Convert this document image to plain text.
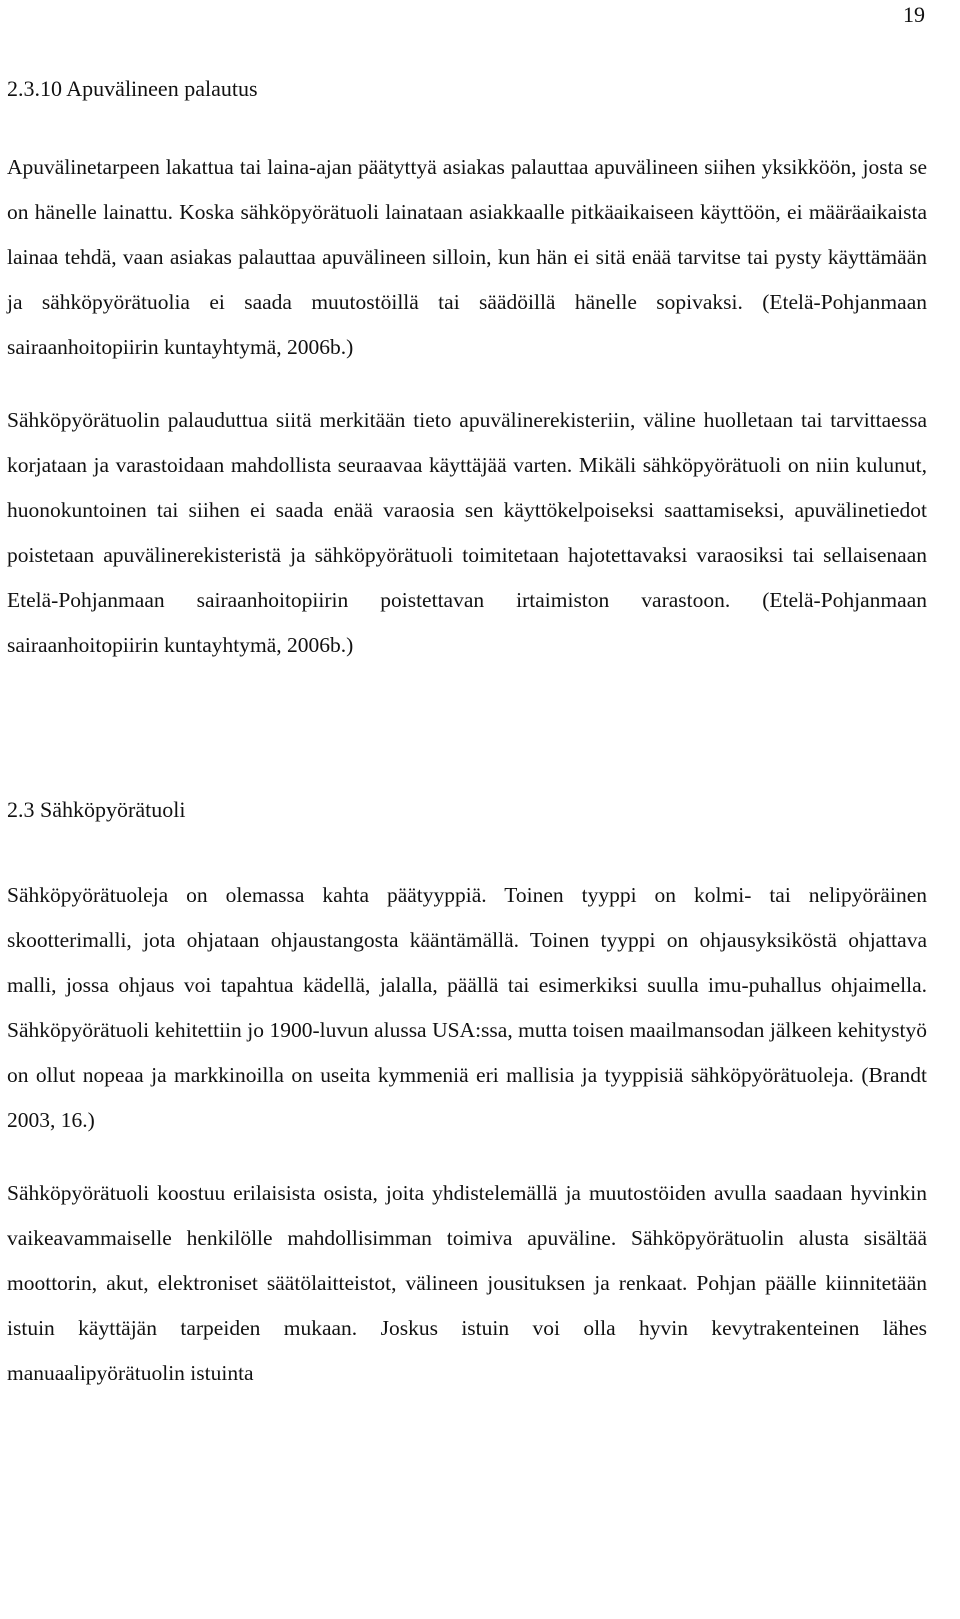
19
2.3.10 Apuvälineen palautus

Apuvälinetarpeen lakattua tai laina-ajan päätyttyä asiakas palauttaa apuvälineen siihen yksikköön, josta se on hänelle lainattu. Koska sähköpyörätuoli lainataan asiakkaalle pitkäaikaiseen käyttöön, ei määräaikaista lainaa tehdä, vaan asiakas palauttaa apuvälineen silloin, kun hän ei sitä enää tarvitse tai pysty käyttämään ja sähköpyörätuolia ei saada muutostöillä tai säädöillä hänelle sopivaksi. (Etelä-Pohjanmaan sairaanhoitopiirin kuntayhtymä, 2006b.)

Sähköpyörätuolin palauduttua siitä merkitään tieto apuvälinerekisteriin, väline huolletaan tai tarvittaessa korjataan ja varastoidaan mahdollista seuraavaa käyttäjää varten. Mikäli sähköpyörätuoli on niin kulunut, huonokuntoinen tai siihen ei saada enää varaosia sen käyttökelpoiseksi saattamiseksi, apuvälinetiedot poistetaan apuvälinerekisteristä ja sähköpyörätuoli toimitetaan hajotettavaksi varaosiksi tai sellaisenaan Etelä-Pohjanmaan sairaanhoitopiirin poistettavan irtaimiston varastoon. (Etelä-Pohjanmaan sairaanhoitopiirin kuntayhtymä, 2006b.)

2.3 Sähköpyörätuoli

Sähköpyörätuoleja on olemassa kahta päätyyppiä. Toinen tyyppi on kolmi- tai nelipyöräinen skootterimalli, jota ohjataan ohjaustangosta kääntämällä. Toinen tyyppi on ohjausyksiköstä ohjattava malli, jossa ohjaus voi tapahtua kädellä, jalalla, päällä tai esimerkiksi suulla imu-puhallus ohjaimella. Sähköpyörätuoli kehitettiin jo 1900-luvun alussa USA:ssa, mutta toisen maailmansodan jälkeen kehitystyö on ollut nopeaa ja markkinoilla on useita kymmeniä eri mallisia ja tyyppisiä sähköpyörätuoleja. (Brandt 2003, 16.)

Sähköpyörätuoli koostuu erilaisista osista, joita yhdistelemällä ja muutostöiden avulla saadaan hyvinkin vaikeavammaiselle henkilölle mahdollisimman toimiva apuväline. Sähköpyörätuolin alusta sisältää moottorin, akut, elektroniset säätölaitteistot, välineen jousituksen ja renkaat. Pohjan päälle kiinnitetään istuin käyttäjän tarpeiden mukaan. Joskus istuin voi olla hyvin kevytrakenteinen lähes manuaalipyörätuolin istuinta
